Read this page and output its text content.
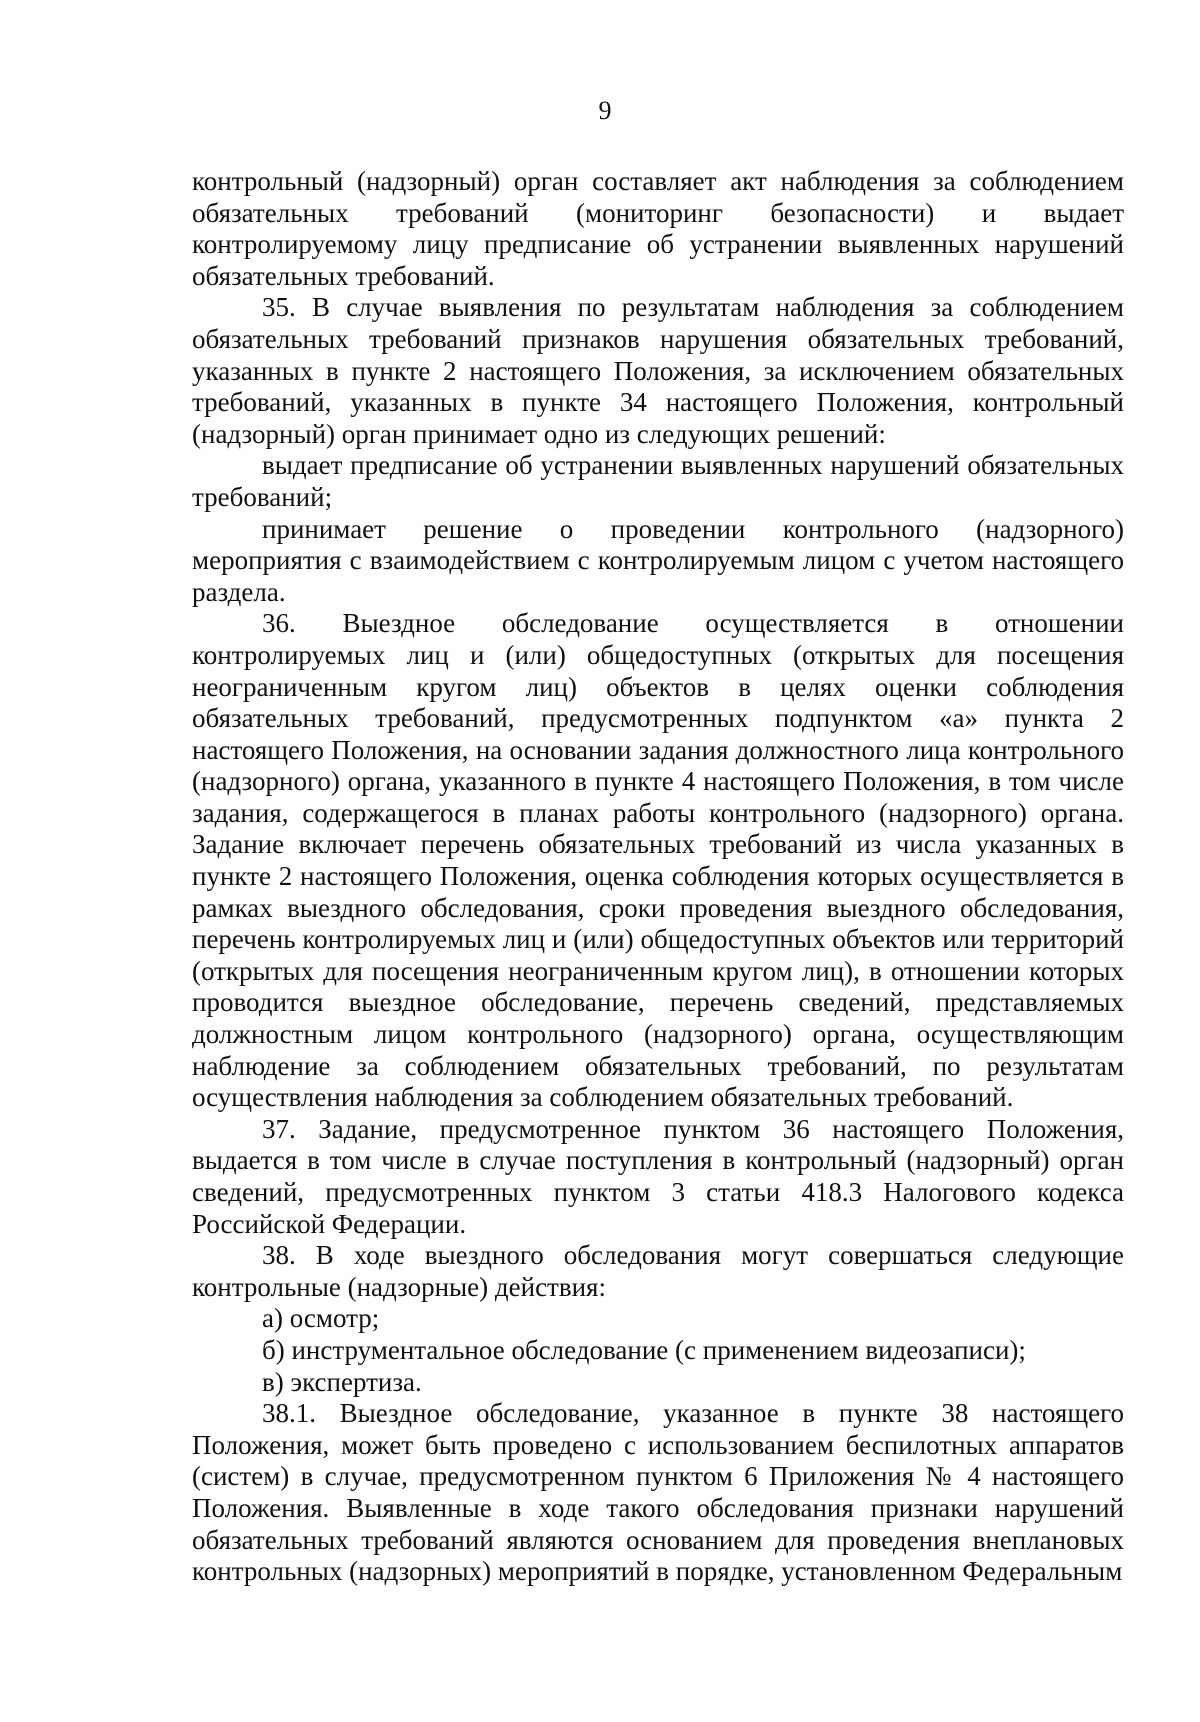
9

контрольный (надзорный) орган составляет акт наблюдения за соблюдением обязательных требований (мониторинг безопасности) и выдает контролируемому лицу предписание об устранении выявленных нарушений обязательных требований.

35. В случае выявления по результатам наблюдения за соблюдением обязательных требований признаков нарушения обязательных требований, указанных в пункте 2 настоящего Положения, за исключением обязательных требований, указанных в пункте 34 настоящего Положения, контрольный (надзорный) орган принимает одно из следующих решений:

выдает предписание об устранении выявленных нарушений обязательных требований;

принимает решение о проведении контрольного (надзорного) мероприятия с взаимодействием с контролируемым лицом с учетом настоящего раздела.

36. Выездное обследование осуществляется в отношении контролируемых лиц и (или) общедоступных (открытых для посещения неограниченным кругом лиц) объектов в целях оценки соблюдения обязательных требований, предусмотренных подпунктом «а» пункта 2 настоящего Положения, на основании задания должностного лица контрольного (надзорного) органа, указанного в пункте 4 настоящего Положения, в том числе задания, содержащегося в планах работы контрольного (надзорного) органа. Задание включает перечень обязательных требований из числа указанных в пункте 2 настоящего Положения, оценка соблюдения которых осуществляется в рамках выездного обследования, сроки проведения выездного обследования, перечень контролируемых лиц и (или) общедоступных объектов или территорий (открытых для посещения неограниченным кругом лиц), в отношении которых проводится выездное обследование, перечень сведений, представляемых должностным лицом контрольного (надзорного) органа, осуществляющим наблюдение за соблюдением обязательных требований, по результатам осуществления наблюдения за соблюдением обязательных требований.

37. Задание, предусмотренное пунктом 36 настоящего Положения, выдается в том числе в случае поступления в контрольный (надзорный) орган сведений, предусмотренных пунктом 3 статьи 418.3 Налогового кодекса Российской Федерации.

38. В ходе выездного обследования могут совершаться следующие контрольные (надзорные) действия:

а) осмотр;

б) инструментальное обследование (с применением видеозаписи);

в) экспертиза.

38.1. Выездное обследование, указанное в пункте 38 настоящего Положения, может быть проведено с использованием беспилотных аппаратов (систем) в случае, предусмотренном пунктом 6 Приложения № 4 настоящего Положения. Выявленные в ходе такого обследования признаки нарушений обязательных требований являются основанием для проведения внеплановых контрольных (надзорных) мероприятий в порядке, установленном Федеральным
